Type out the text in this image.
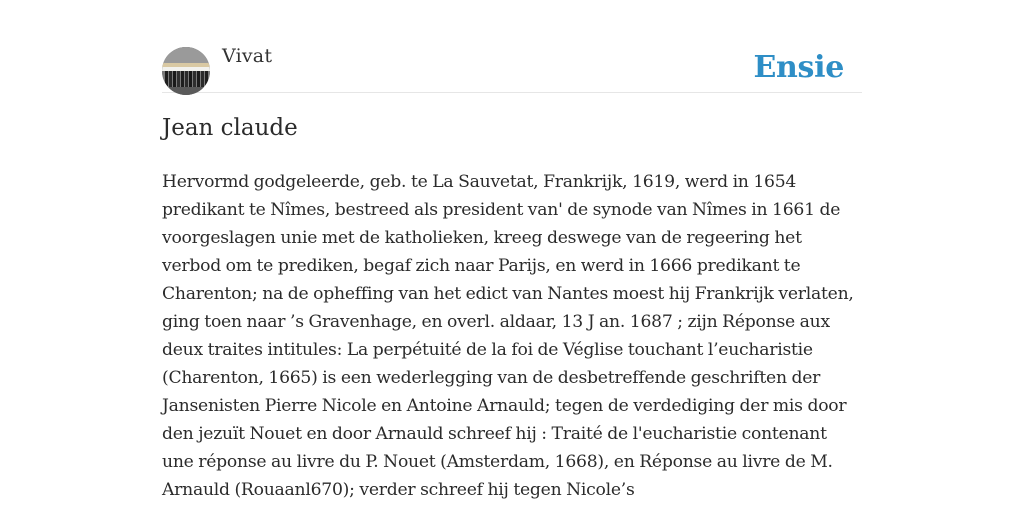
Vivat	Ensie
Jean claude

Hervormd godgeleerde, geb. te La Sauvetat, Frankrijk, 1619, werd in 1654 predikant te Nîmes, bestreed als president van' de synode van Nîmes in 1661 de voorgeslagen unie met de katholieken, kreeg deswege van de regeering het verbod om te prediken, begaf zich naar Parijs, en werd in 1666 predikant te Charenton; na de opheffing van het edict van Nantes moest hij Frankrijk verlaten, ging toen naar ’s Gravenhage, en overl. aldaar, 13 J an. 1687 ; zijn Réponse aux deux traites intitules: La perpétuité de la foi de Véglise touchant l’eucharistie (Charenton, 1665) is een wederlegging van de desbetreffende geschriften der Jansenisten Pierre Nicole en Antoine Arnauld; tegen de verdediging der mis door den jezuït Nouet en door Arnauld schreef hij : Traité de l'eucharistie contenant une réponse au livre du P. Nouet (Amsterdam, 1668), en Réponse au livre de M. Arnauld (Rouaanl670); verder schreef hij tegen Nicole’s
